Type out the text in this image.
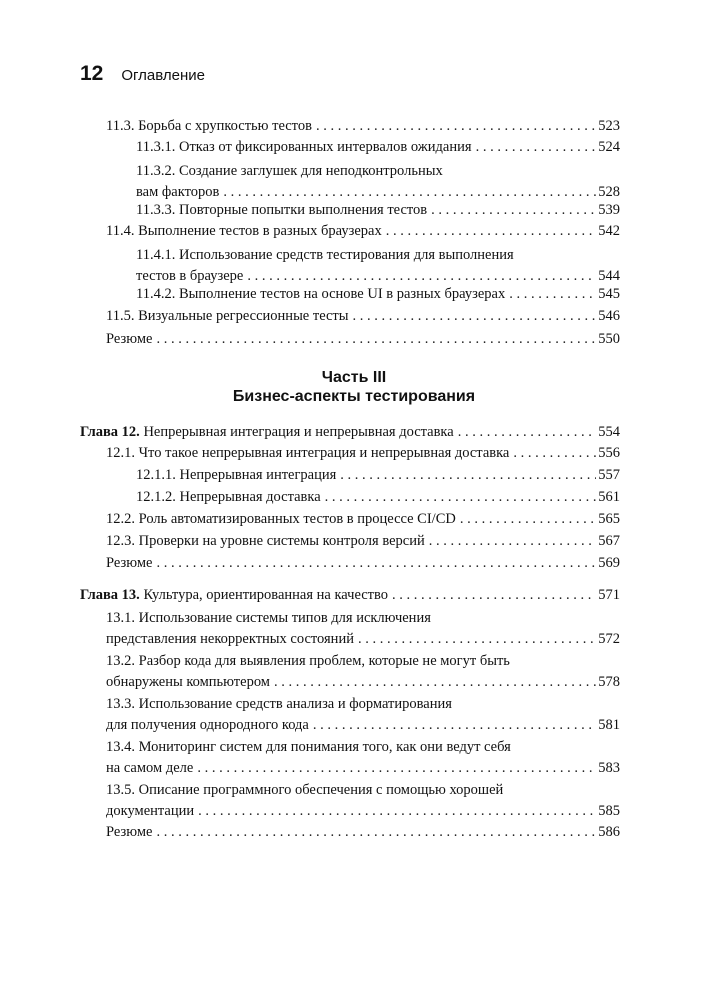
12 Оглавление
11.3. Борьба с хрупкостью тестов . . .	523
11.3.1. Отказ от фиксированных интервалов ожидания . . .	524
11.3.2. Создание заглушек для неподконтрольных
вам факторов . . .	528
11.3.3. Повторные попытки выполнения тестов . . .	539
11.4. Выполнение тестов в разных браузерах . . .	542
11.4.1. Использование средств тестирования для выполнения
тестов в браузере . . .	544
11.4.2. Выполнение тестов на основе UI в разных браузерах . . .	545
11.5. Визуальные регрессионные тесты . . .	546
Резюме . . .	550
Часть III
Бизнес-аспекты тестирования
Глава 12. Непрерывная интеграция и непрерывная доставка . . .	554
12.1. Что такое непрерывная интеграция и непрерывная доставка . . .	556
12.1.1. Непрерывная интеграция . . .	557
12.1.2. Непрерывная доставка . . .	561
12.2. Роль автоматизированных тестов в процессе CI/CD . . .	565
12.3. Проверки на уровне системы контроля версий . . .	567
Резюме . . .	569
Глава 13. Культура, ориентированная на качество . . .	571
13.1. Использование системы типов для исключения
представления некорректных состояний . . .	572
13.2. Разбор кода для выявления проблем, которые не могут быть
обнаружены компьютером . . .	578
13.3. Использование средств анализа и форматирования
для получения однородного кода . . .	581
13.4. Мониторинг систем для понимания того, как они ведут себя
на самом деле . . .	583
13.5. Описание программного обеспечения с помощью хорошей
документации . . .	585
Резюме . . .	586
